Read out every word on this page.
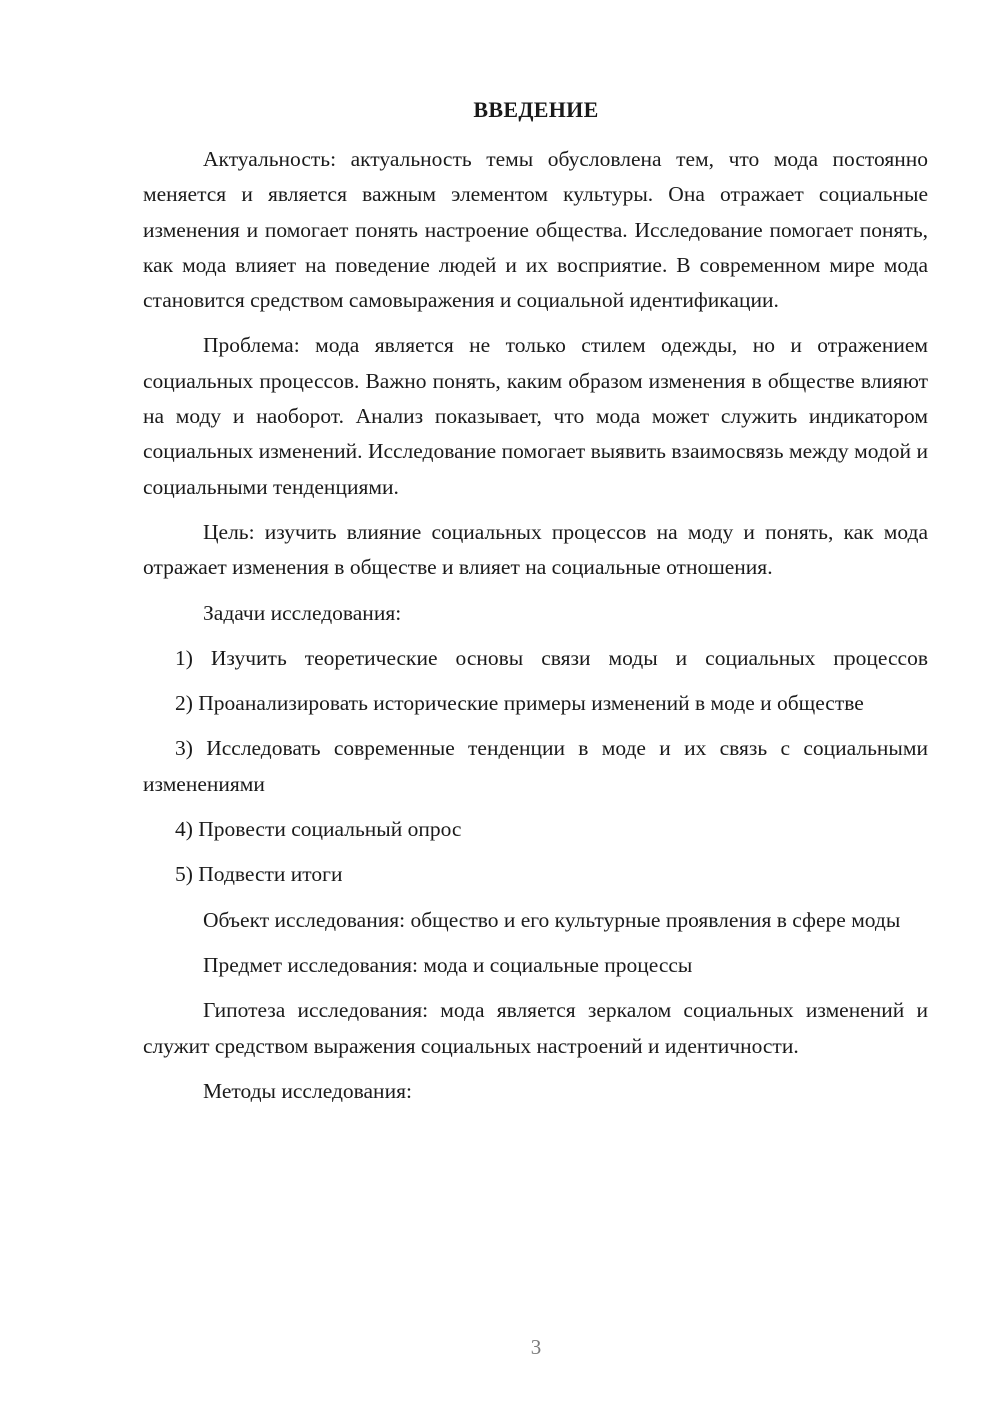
ВВЕДЕНИЕ

Актуальность: актуальность темы обусловлена тем, что мода постоянно меняется и является важным элементом культуры. Она отражает социальные изменения и помогает понять настроение общества. Исследование помогает понять, как мода влияет на поведение людей и их восприятие. В современном мире мода становится средством самовыражения и социальной идентификации.

Проблема: мода является не только стилем одежды, но и отражением социальных процессов. Важно понять, каким образом изменения в обществе влияют на моду и наоборот. Анализ показывает, что мода может служить индикатором социальных изменений. Исследование помогает выявить взаимосвязь между модой и социальными тенденциями.

Цель: изучить влияние социальных процессов на моду и понять, как мода отражает изменения в обществе и влияет на социальные отношения.

Задачи исследования:

1) Изучить теоретические основы связи моды и социальных процессов

2) Проанализировать исторические примеры изменений в моде и обществе

3) Исследовать современные тенденции в моде и их связь с социальными изменениями

4) Провести социальный опрос

5) Подвести итоги

Объект исследования: общество и его культурные проявления в сфере моды

Предмет исследования: мода и социальные процессы

Гипотеза исследования: мода является зеркалом социальных изменений и служит средством выражения социальных настроений и идентичности.

Методы исследования:

3
